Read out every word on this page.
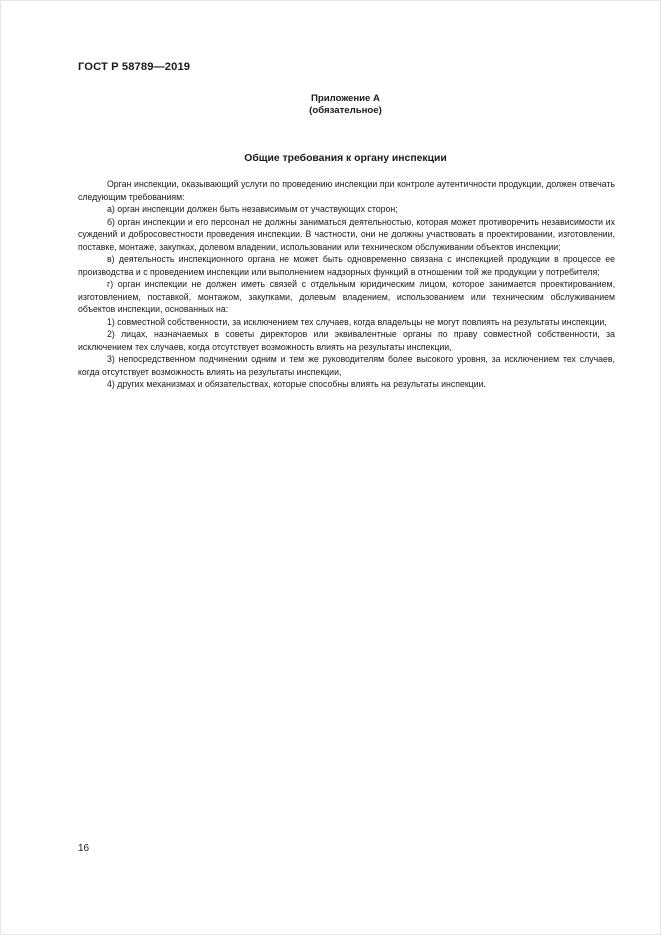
ГОСТ Р 58789—2019
Приложение А
(обязательное)
Общие требования к органу инспекции

Орган инспекции, оказывающий услуги по проведению инспекции при контроле аутентичности продукции, должен отвечать следующим требованиям:

а) орган инспекции должен быть независимым от участвующих сторон;

б) орган инспекции и его персонал не должны заниматься деятельностью, которая может противоречить независимости их суждений и добросовестности проведения инспекции. В частности, они не должны участвовать в проектировании, изготовлении, поставке, монтаже, закупках, долевом владении, использовании или техническом обслуживании объектов инспекции;

в) деятельность инспекционного органа не может быть одновременно связана с инспекцией продукции в процессе ее производства и с проведением инспекции или выполнением надзорных функций в отношении той же продукции у потребителя;

г) орган инспекции не должен иметь связей с отдельным юридическим лицом, которое занимается проектированием, изготовлением, поставкой, монтажом, закупками, долевым владением, использованием или техническим обслуживанием объектов инспекции, основанных на:

1) совместной собственности, за исключением тех случаев, когда владельцы не могут повлиять на результаты инспекции,

2) лицах, назначаемых в советы директоров или эквивалентные органы по праву совместной собственности, за исключением тех случаев, когда отсутствует возможность влиять на результаты инспекции,

3) непосредственном подчинении одним и тем же руководителям более высокого уровня, за исключением тех случаев, когда отсутствует возможность влиять на результаты инспекции,

4) других механизмах и обязательствах, которые способны влиять на результаты инспекции.

16
